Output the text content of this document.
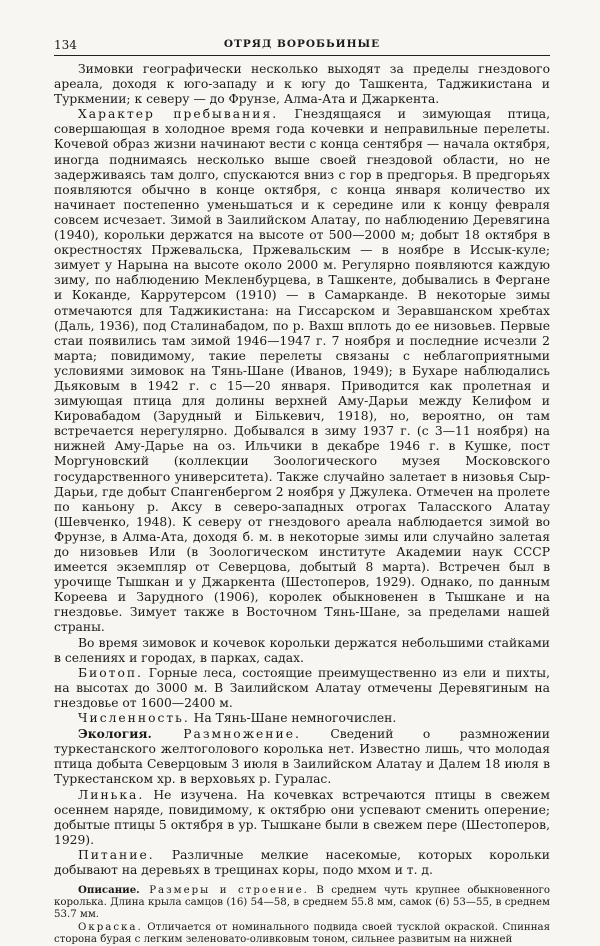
134	ОТРЯД ВОРОБЬИНЫЕ

Зимовки географически несколько выходят за пределы гнездового ареала, доходя к юго-западу и к югу до Ташкента, Таджикистана и Туркмении; к северу — до Фрунзе, Алма-Ата и Джаркента.

Характер пребывания. Гнездящаяся и зимующая птица, совершающая в холодное время года кочевки и неправильные перелеты. Кочевой образ жизни начинают вести с конца сентября — начала октября, иногда поднимаясь несколько выше своей гнездовой области, но не задерживаясь там долго, спускаются вниз с гор в предгорья. В предгорьях появляются обычно в конце октября, с конца января количество их начинает постепенно уменьшаться и к середине или к концу февраля совсем исчезает. Зимой в Заилийском Алатау, по наблюдению Деревягина (1940), корольки держатся на высоте от 500—2000 м; добыт 18 октября в окрестностях Пржевальска, Пржевальским — в ноябре в Иссык-куле; зимует у Нарына на высоте около 2000 м. Регулярно появляются каждую зиму, по наблюдению Мекленбурцева, в Ташкенте, добывались в Фергане и Коканде, Каррутерсом (1910) — в Самарканде. В некоторые зимы отмечаются для Таджикистана: на Гиссарском и Зеравшанском хребтах (Даль, 1936), под Сталинабадом, по р. Вахш вплоть до ее низовьев. Первые стаи появились там зимой 1946—1947 г. 7 ноября и последние исчезли 2 марта; повидимому, такие перелеты связаны с неблагоприятными условиями зимовок на Тянь-Шане (Иванов, 1949); в Бухаре наблюдались Дьяковым в 1942 г. с 15—20 января. Приводится как пролетная и зимующая птица для долины верхней Аму-Дарьи между Келифом и Кировабадом (Зарудный и Бількевич, 1918), но, вероятно, он там встречается нерегулярно. Добывался в зиму 1937 г. (с 3—11 ноября) на нижней Аму-Дарье на оз. Ильчики в декабре 1946 г. в Кушке, пост Моргуновский (коллекции Зоологического музея Московского государственного университета). Также случайно залетает в низовья Сыр-Дарьи, где добыт Спангенбергом 2 ноября у Джулека. Отмечен на пролете по каньону р. Аксу в северо-западных отрогах Таласского Алатау (Шевченко, 1948). К северу от гнездового ареала наблюдается зимой во Фрунзе, в Алма-Ата, доходя б. м. в некоторые зимы или случайно залетая до низовьев Или (в Зоологическом институте Академии наук СССР имеется экземпляр от Северцова, добытый 8 марта). Встречен был в урочище Тышкан и у Джаркента (Шестоперов, 1929). Однако, по данным Кореева и Зарудного (1906), королек обыкновенен в Тышкане и на гнездовье. Зимует также в Восточном Тянь-Шане, за пределами нашей страны.

Во время зимовок и кочевок корольки держатся небольшими стайками в селениях и городах, в парках, садах.

Биотоп. Горные леса, состоящие преимущественно из ели и пихты, на высотах до 3000 м. В Заилийском Алатау отмечены Деревягиным на гнездовье от 1600—2400 м.

Численность. На Тянь-Шане немногочислен.

Экология. Размножение. Сведений о размножении туркестанского желтоголового королька нет. Известно лишь, что молодая птица добыта Северцовым 3 июля в Заилийском Алатау и Далем 18 июля в Туркестанском хр. в верховьях р. Гуралас.

Линька. Не изучена. На кочевках встречаются птицы в свежем осеннем наряде, повидимому, к октябрю они успевают сменить оперение; добытые птицы 5 октября в ур. Тышкане были в свежем пере (Шестоперов, 1929).

Питание. Различные мелкие насекомые, которых корольки добывают на деревьях в трещинах коры, подо мхом и т. д.

Описание. Размеры и строение. В среднем чуть крупнее обыкновенного королька. Длина крыла самцов (16) 54—58, в среднем 55.8 мм, самок (6) 53—55, в среднем 53.7 мм.

Окраска. Отличается от номинального подвида своей тусклой окраской. Спинная сторона бурая с легким зеленовато-оливковым тоном, сильнее развитым на нижней
